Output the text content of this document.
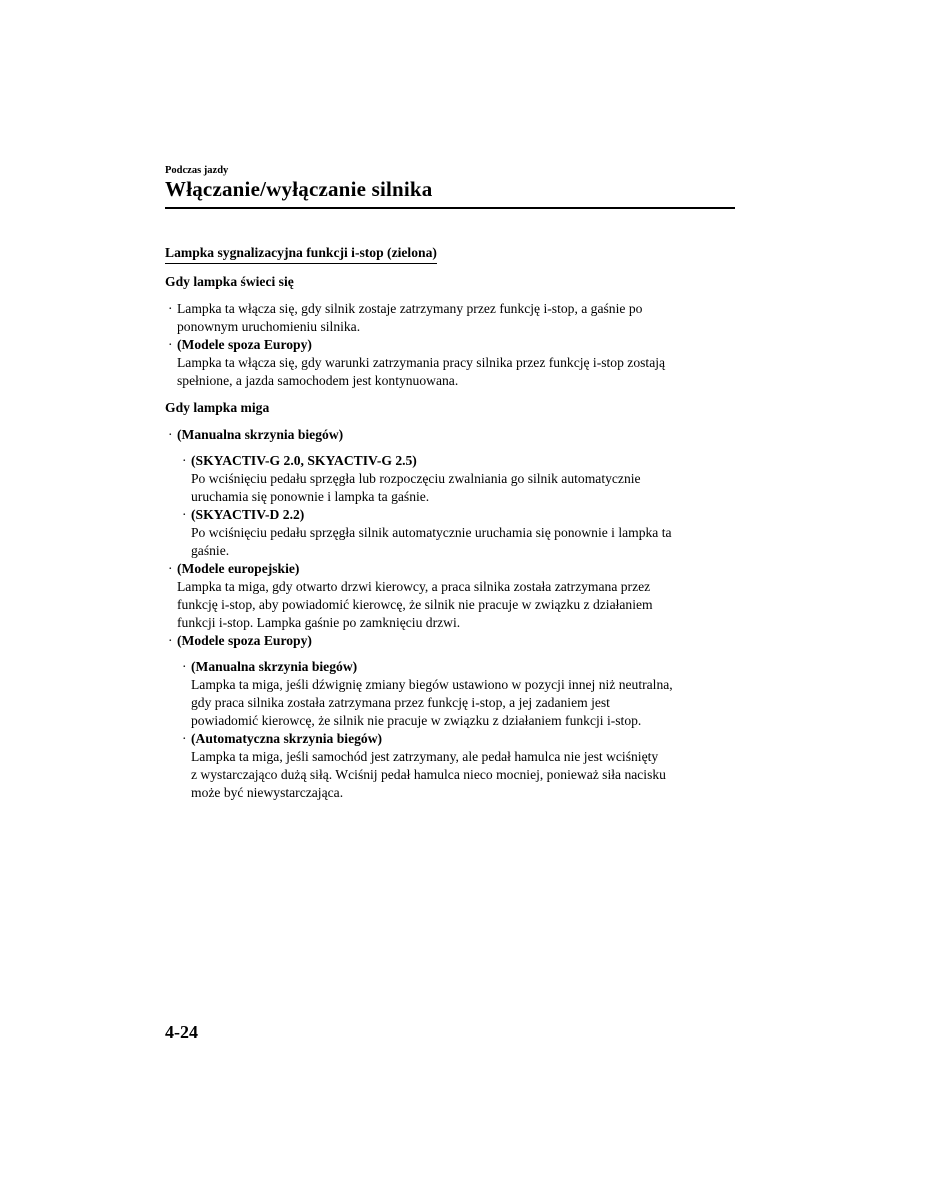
Podczas jazdy
Włączanie/wyłączanie silnika
Lampka sygnalizacyjna funkcji i-stop (zielona)
Gdy lampka świeci się
· Lampka ta włącza się, gdy silnik zostaje zatrzymany przez funkcję i-stop, a gaśnie po
ponownym uruchomieniu silnika.
· (Modele spoza Europy)
Lampka ta włącza się, gdy warunki zatrzymania pracy silnika przez funkcję i-stop zostają
spełnione, a jazda samochodem jest kontynuowana.
Gdy lampka miga
· (Manualna skrzynia biegów)
· (SKYACTIV-G 2.0, SKYACTIV-G 2.5)
Po wciśnięciu pedału sprzęgła lub rozpoczęciu zwalniania go silnik automatycznie
uruchamia się ponownie i lampka ta gaśnie.
· (SKYACTIV-D 2.2)
Po wciśnięciu pedału sprzęgła silnik automatycznie uruchamia się ponownie i lampka ta
gaśnie.
· (Modele europejskie)
Lampka ta miga, gdy otwarto drzwi kierowcy, a praca silnika została zatrzymana przez
funkcję i-stop, aby powiadomić kierowcę, że silnik nie pracuje w związku z działaniem
funkcji i-stop. Lampka gaśnie po zamknięciu drzwi.
· (Modele spoza Europy)
· (Manualna skrzynia biegów)
Lampka ta miga, jeśli dźwignię zmiany biegów ustawiono w pozycji innej niż neutralna,
gdy praca silnika została zatrzymana przez funkcję i-stop, a jej zadaniem jest
powiadomić kierowcę, że silnik nie pracuje w związku z działaniem funkcji i-stop.
· (Automatyczna skrzynia biegów)
Lampka ta miga, jeśli samochód jest zatrzymany, ale pedał hamulca nie jest wciśnięty
z wystarczająco dużą siłą. Wciśnij pedał hamulca nieco mocniej, ponieważ siła nacisku
może być niewystarczająca.
4-24
